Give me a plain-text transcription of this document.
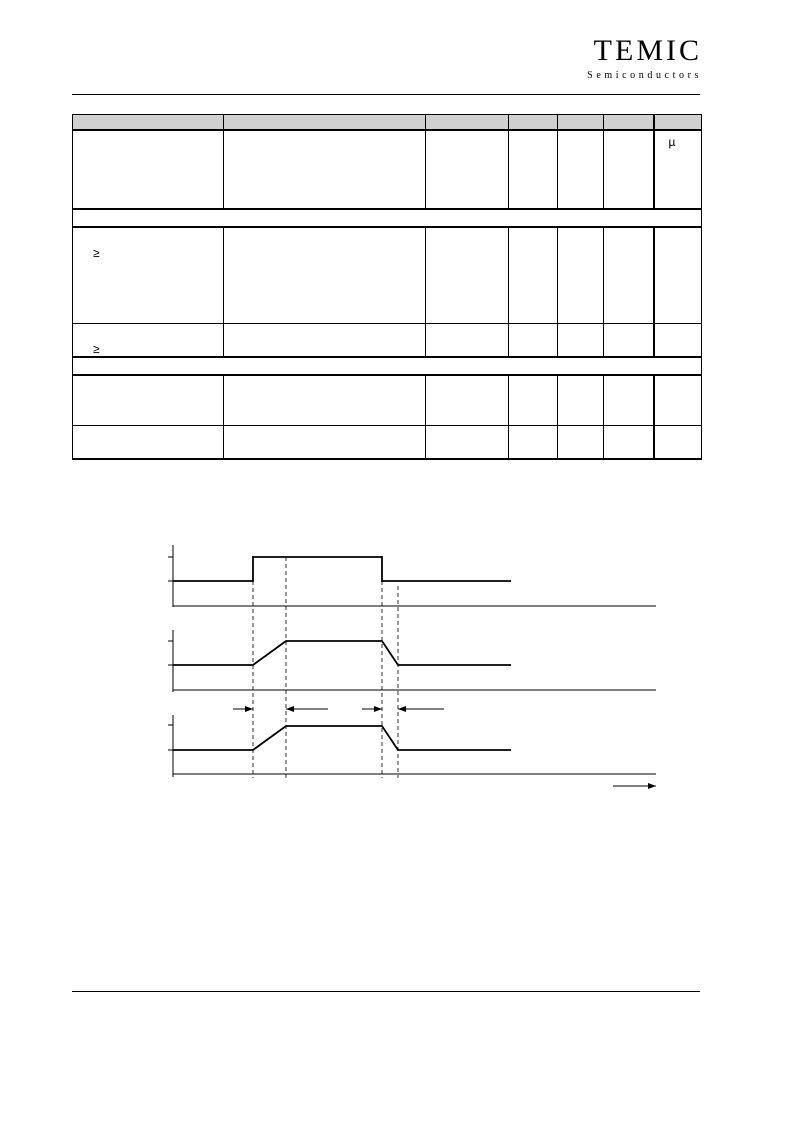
TEMIC
Semiconductors

						µ

≥						

≥						
